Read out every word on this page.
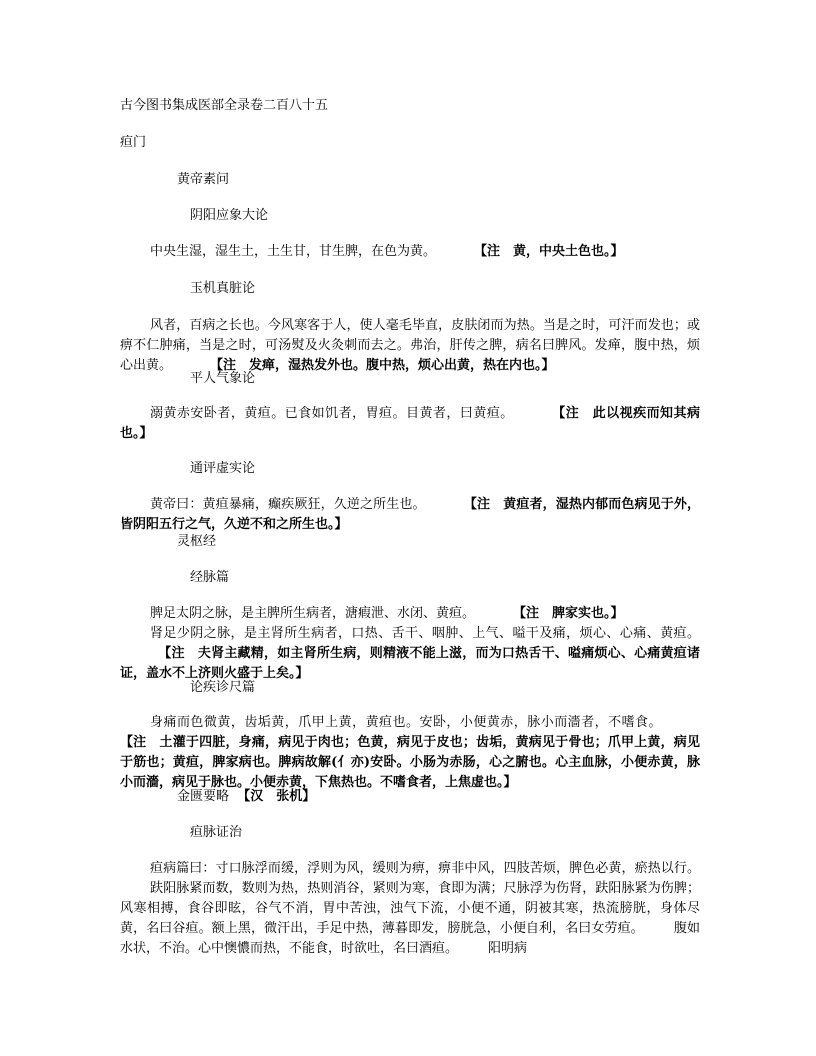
古今图书集成医部全录卷二百八十五
疸门
黄帝素问
阴阳应象大论
中央生湿，湿生土，土生甘，甘生脾，在色为黄。	【注　黄，中央土色也。】
玉机真脏论
风者，百病之长也。今风寒客于人，使人毫毛毕直，皮肤闭而为热。当是之时，可汗而发也；或痹不仁肿痛，当是之时，可汤熨及火灸刺而去之。弗治，肝传之脾，病名曰脾风。发瘅，腹中热，烦心出黄。	【注　发瘅，湿热发外也。腹中热，烦心出黄，热在内也。】
平人气象论
溺黄赤安卧者，黄疸。已食如饥者，胃疸。目黄者，曰黄疸。	【注　此以视疾而知其病也。】
通评虚实论
黄帝曰：黄疸暴痛，癫疾厥狂，久逆之所生也。	【注　黄疸者，湿热内郁而色病见于外，皆阴阳五行之气，久逆不和之所生也。】
灵枢经
经脉篇
脾足太阴之脉，是主脾所生病者，溏瘕泄、水闭、黄疸。	【注　脾家实也。】
肾足少阴之脉，是主肾所生病者，口热、舌干、咽肿、上气、嗌干及痛，烦心、心痛、黄疸。【注　夫肾主藏精，如主肾所生病，则精液不能上滋，而为口热舌干、嗌痛烦心、心痛黄疸诸证，盖水不上济则火盛于上矣。】
论疾诊尺篇
身痛而色微黄，齿垢黄，爪甲上黄，黄疸也。安卧，小便黄赤，脉小而濇者，不嗜食。【注　土灌于四脏，身痛，病见于肉也；色黄，病见于皮也；齿垢，黄病见于骨也；爪甲上黄，病见于筋也；黄疸，脾家病也。脾病故解(亻亦)安卧。小肠为赤肠，心之腑也。心主血脉，小便赤黄，脉小而濇，病见于脉也。小便赤黄，下焦热也。不嗜食者，上焦虚也。】
金匮要略 【汉　张机】
疸脉证治
疸病篇曰：寸口脉浮而缓，浮则为风，缓则为痹，痹非中风，四肢苦烦，脾色必黄，瘀热以行。趺阳脉紧而数，数则为热，热则消谷，紧则为寒，食即为满；尺脉浮为伤肾，趺阳脉紧为伤脾；风寒相搏，食谷即眩，谷气不消，胃中苦浊，浊气下流，小便不通，阴被其寒，热流膀胱，身体尽黄，名曰谷疸。额上黑，微汗出，手足中热，薄暮即发，膀胱急，小便自利，名曰女劳疸。 腹如水状，不治。心中懊憹而热，不能食，时欲吐，名曰酒疸。 阳明病
